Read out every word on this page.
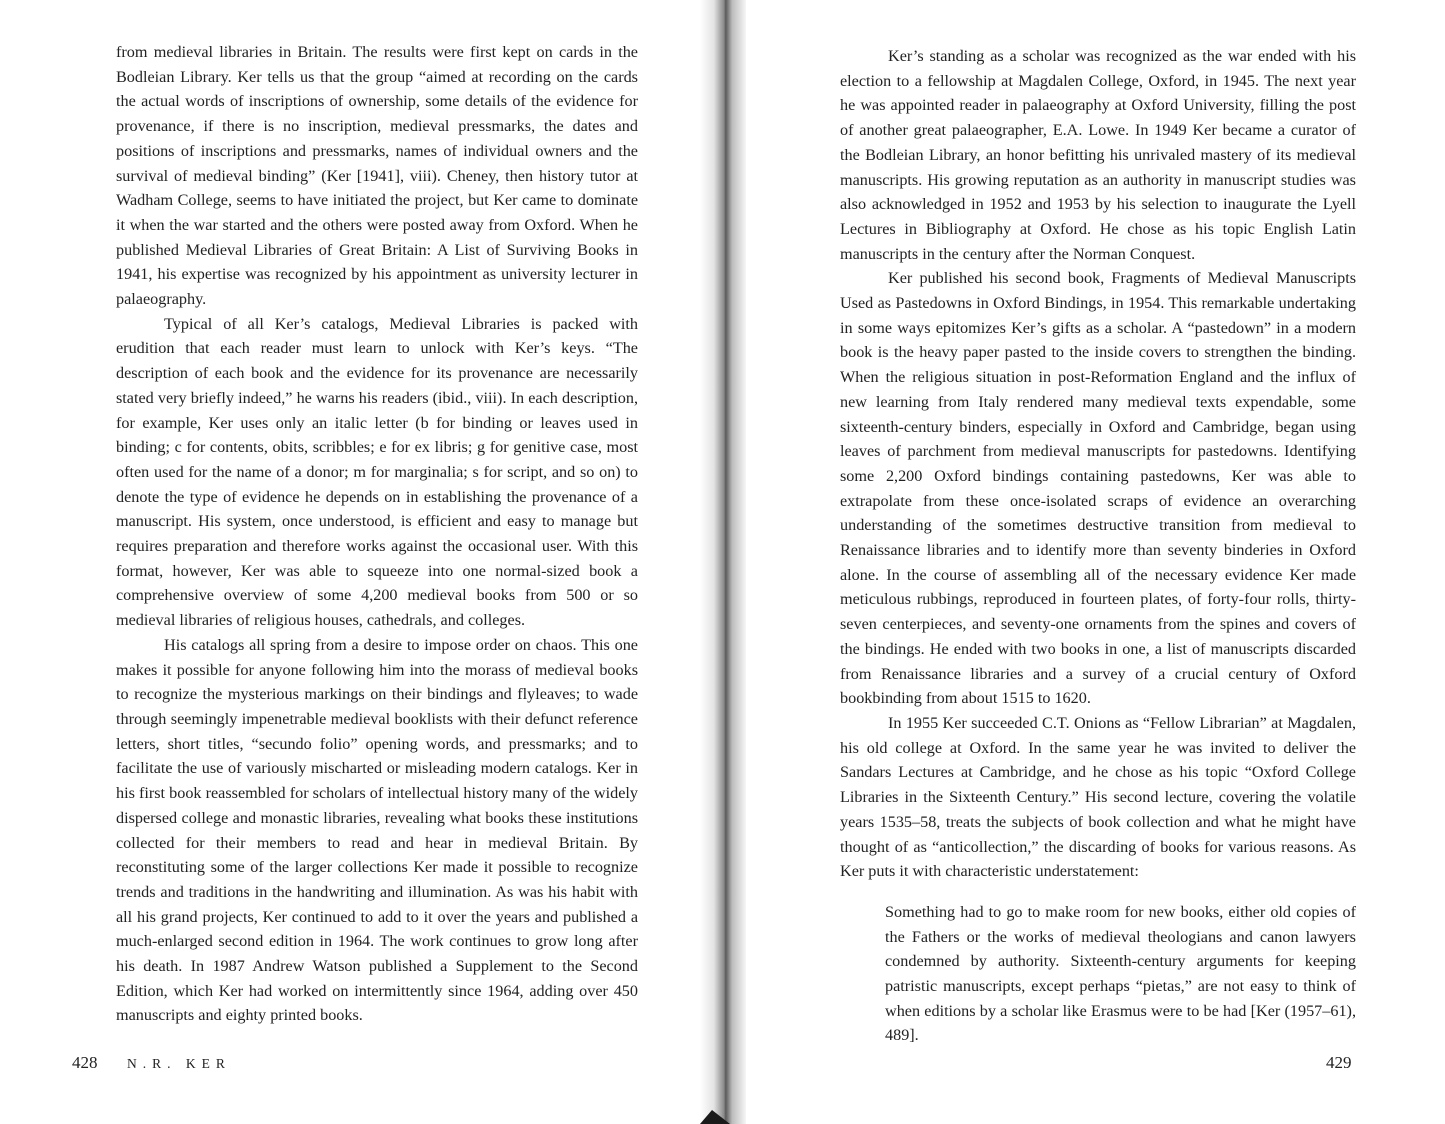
from medieval libraries in Britain. The results were first kept on cards in the Bodleian Library. Ker tells us that the group “aimed at recording on the cards the actual words of inscriptions of ownership, some details of the evidence for provenance, if there is no inscription, medieval pressmarks, the dates and positions of inscriptions and pressmarks, names of individual owners and the survival of medieval binding” (Ker [1941], viii). Cheney, then history tutor at Wadham College, seems to have initiated the project, but Ker came to dominate it when the war started and the others were posted away from Oxford. When he published Medieval Libraries of Great Britain: A List of Surviving Books in 1941, his expertise was recognized by his appointment as university lecturer in palaeography.

Typical of all Ker’s catalogs, Medieval Libraries is packed with erudition that each reader must learn to unlock with Ker’s keys. “The description of each book and the evidence for its provenance are necessarily stated very briefly indeed,” he warns his readers (ibid., viii). In each description, for example, Ker uses only an italic letter (b for binding or leaves used in binding; c for contents, obits, scribbles; e for ex libris; g for genitive case, most often used for the name of a donor; m for marginalia; s for script, and so on) to denote the type of evidence he depends on in establishing the provenance of a manuscript. His system, once understood, is efficient and easy to manage but requires preparation and therefore works against the occasional user. With this format, however, Ker was able to squeeze into one normal-sized book a comprehensive overview of some 4,200 medieval books from 500 or so medieval libraries of religious houses, cathedrals, and colleges.

His catalogs all spring from a desire to impose order on chaos. This one makes it possible for anyone following him into the morass of medieval books to recognize the mysterious markings on their bindings and flyleaves; to wade through seemingly impenetrable medieval booklists with their defunct reference letters, short titles, “secundo folio” opening words, and pressmarks; and to facilitate the use of variously mischarted or misleading modern catalogs. Ker in his first book reassembled for scholars of intellectual history many of the widely dispersed college and monastic libraries, revealing what books these institutions collected for their members to read and hear in medieval Britain. By reconstituting some of the larger collections Ker made it possible to recognize trends and traditions in the handwriting and illumination. As was his habit with all his grand projects, Ker continued to add to it over the years and published a much-enlarged second edition in 1964. The work continues to grow long after his death. In 1987 Andrew Watson published a Supplement to the Second Edition, which Ker had worked on intermittently since 1964, adding over 450 manuscripts and eighty printed books.

428 N.R. KER

Ker’s standing as a scholar was recognized as the war ended with his election to a fellowship at Magdalen College, Oxford, in 1945. The next year he was appointed reader in palaeography at Oxford University, filling the post of another great palaeographer, E.A. Lowe. In 1949 Ker became a curator of the Bodleian Library, an honor befitting his unrivaled mastery of its medieval manuscripts. His growing reputation as an authority in manuscript studies was also acknowledged in 1952 and 1953 by his selection to inaugurate the Lyell Lectures in Bibliography at Oxford. He chose as his topic English Latin manuscripts in the century after the Norman Conquest.

Ker published his second book, Fragments of Medieval Manuscripts Used as Pastedowns in Oxford Bindings, in 1954. This remarkable undertaking in some ways epitomizes Ker’s gifts as a scholar. A “pastedown” in a modern book is the heavy paper pasted to the inside covers to strengthen the binding. When the religious situation in post-Reformation England and the influx of new learning from Italy rendered many medieval texts expendable, some sixteenth-century binders, especially in Oxford and Cambridge, began using leaves of parchment from medieval manuscripts for pastedowns. Identifying some 2,200 Oxford bindings containing pastedowns, Ker was able to extrapolate from these once-isolated scraps of evidence an overarching understanding of the sometimes destructive transition from medieval to Renaissance libraries and to identify more than seventy binderies in Oxford alone. In the course of assembling all of the necessary evidence Ker made meticulous rubbings, reproduced in fourteen plates, of forty-four rolls, thirty-seven centerpieces, and seventy-one ornaments from the spines and covers of the bindings. He ended with two books in one, a list of manuscripts discarded from Renaissance libraries and a survey of a crucial century of Oxford bookbinding from about 1515 to 1620.

In 1955 Ker succeeded C.T. Onions as “Fellow Librarian” at Magdalen, his old college at Oxford. In the same year he was invited to deliver the Sandars Lectures at Cambridge, and he chose as his topic “Oxford College Libraries in the Sixteenth Century.” His second lecture, covering the volatile years 1535–58, treats the subjects of book collection and what he might have thought of as “anticollection,” the discarding of books for various reasons. As Ker puts it with characteristic understatement:

Something had to go to make room for new books, either old copies of the Fathers or the works of medieval theologians and canon lawyers condemned by authority. Sixteenth-century arguments for keeping patristic manuscripts, except perhaps “pietas,” are not easy to think of when editions by a scholar like Erasmus were to be had [Ker (1957–61), 489].

429
